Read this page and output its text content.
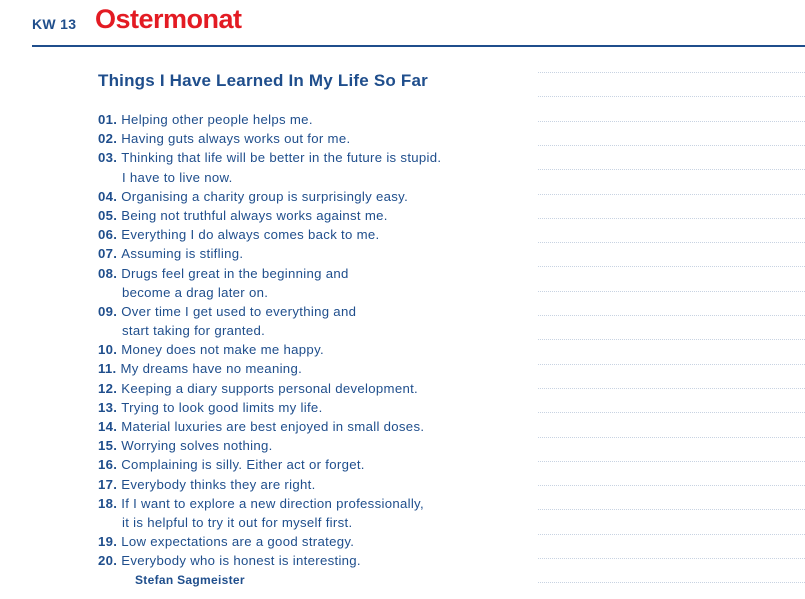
KW 13 Ostermonat
Things I Have Learned In My Life So Far
01. Helping other people helps me.
02. Having guts always works out for me.
03. Thinking that life will be better in the future is stupid.
I have to live now.
04. Organising a charity group is surprisingly easy.
05. Being not truthful always works against me.
06. Everything I do always comes back to me.
07. Assuming is stifling.
08. Drugs feel great in the beginning and
become a drag later on.
09. Over time I get used to everything and
start taking for granted.
10. Money does not make me happy.
11. My dreams have no meaning.
12. Keeping a diary supports personal development.
13. Trying to look good limits my life.
14. Material luxuries are best enjoyed in small doses.
15. Worrying solves nothing.
16. Complaining is silly. Either act or forget.
17. Everybody thinks they are right.
18. If I want to explore a new direction professionally,
it is helpful to try it out for myself first.
19. Low expectations are a good strategy.
20. Everybody who is honest is interesting.
Stefan Sagmeister
